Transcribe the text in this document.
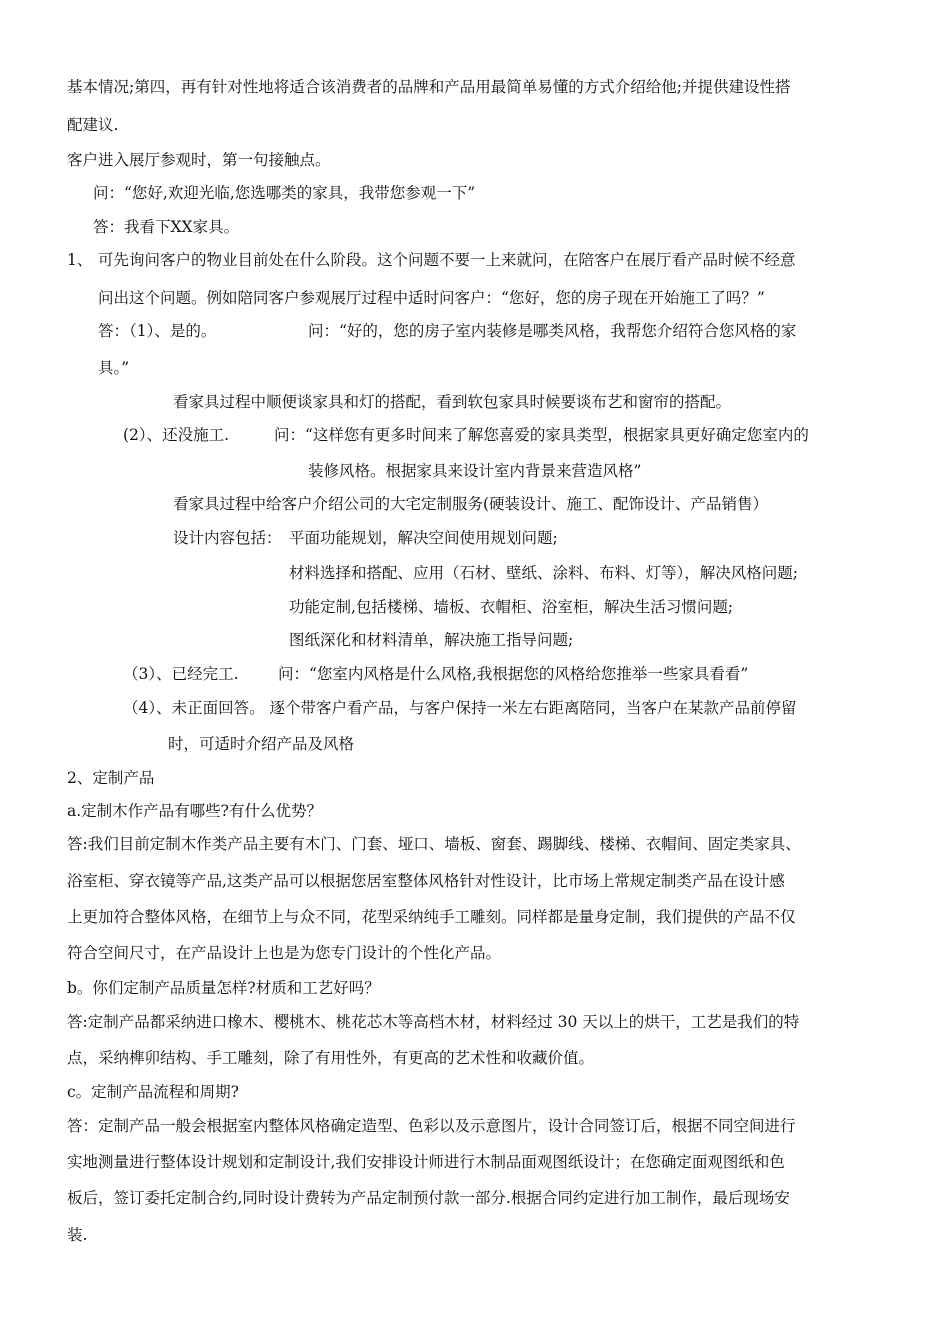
基本情况;第四，再有针对性地将适合该消费者的品牌和产品用最简单易懂的方式介绍给他;并提供建设性搭
配建议.
客户进入展厅参观时，第一句接触点。
问：“您好,欢迎光临,您选哪类的家具，我带您参观一下”
答：我看下XX家具。
1、 可先询问客户的物业目前处在什么阶段。这个问题不要一上来就问，在陪客户在展厅看产品时候不经意
问出这个问题。例如陪同客户参观展厅过程中适时问客户：“您好，您的房子现在开始施工了吗？”
答：（1）、是的。	问：“好的，您的房子室内装修是哪类风格，我帮您介绍符合您风格的家
具。”
看家具过程中顺便谈家具和灯的搭配，看到软包家具时候要谈布艺和窗帘的搭配。
(2）、还没施工.	问：“这样您有更多时间来了解您喜爱的家具类型，根据家具更好确定您室内的
装修风格。根据家具来设计室内背景来营造风格”
看家具过程中给客户介绍公司的大宅定制服务(硬装设计、施工、配饰设计、产品销售）
设计内容包括： 平面功能规划，解决空间使用规划问题;
材料选择和搭配、应用（石材、壁纸、涂料、布料、灯等），解决风格问题;
功能定制,包括楼梯、墙板、衣帽柜、浴室柜，解决生活习惯问题;
图纸深化和材料清单，解决施工指导问题;
（3）、已经完工.	问：“您室内风格是什么风格,我根据您的风格给您推举一些家具看看”
（4）、未正面回答。 逐个带客户看产品，与客户保持一米左右距离陪同，当客户在某款产品前停留
时，可适时介绍产品及风格
2、定制产品
a.定制木作产品有哪些?有什么优势？
答:我们目前定制木作类产品主要有木门、门套、垭口、墙板、窗套、踢脚线、楼梯、衣帽间、固定类家具、
浴室柜、穿衣镜等产品,这类产品可以根据您居室整体风格针对性设计，比市场上常规定制类产品在设计感
上更加符合整体风格，在细节上与众不同，花型采纳纯手工雕刻。同样都是量身定制，我们提供的产品不仅
符合空间尺寸，在产品设计上也是为您专门设计的个性化产品。
b。你们定制产品质量怎样?材质和工艺好吗？
答:定制产品都采纳进口橡木、樱桃木、桃花芯木等高档木材，材料经过 30 天以上的烘干，工艺是我们的特
点，采纳榫卯结构、手工雕刻，除了有用性外，有更高的艺术性和收藏价值。
c。定制产品流程和周期?
答：定制产品一般会根据室内整体风格确定造型、色彩以及示意图片，设计合同签订后，根据不同空间进行
实地测量进行整体设计规划和定制设计,我们安排设计师进行木制品面观图纸设计；在您确定面观图纸和色
板后，签订委托定制合约,同时设计费转为产品定制预付款一部分.根据合同约定进行加工制作，最后现场安
装.
